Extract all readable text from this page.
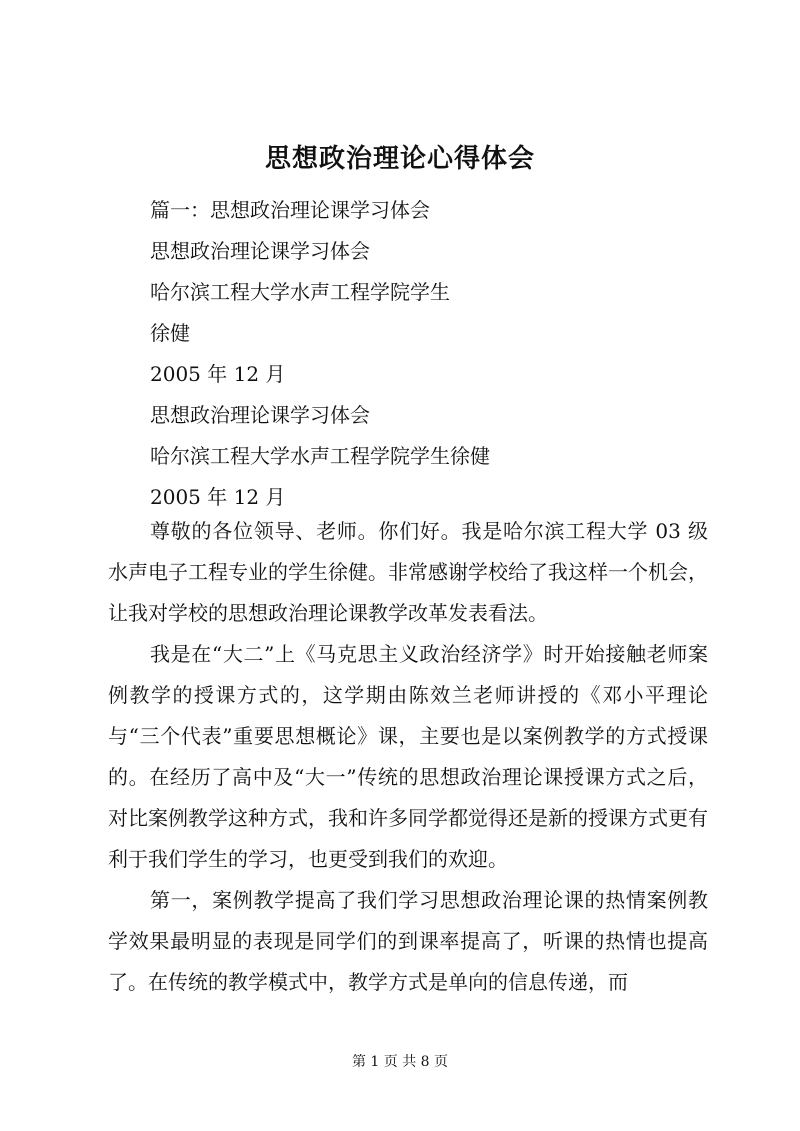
思想政治理论心得体会
篇一：思想政治理论课学习体会
思想政治理论课学习体会
哈尔滨工程大学水声工程学院学生
徐健
2005 年 12 月
思想政治理论课学习体会
哈尔滨工程大学水声工程学院学生徐健
2005 年 12 月

尊敬的各位领导、老师。你们好。我是哈尔滨工程大学 03 级水声电子工程专业的学生徐健。非常感谢学校给了我这样一个机会，让我对学校的思想政治理论课教学改革发表看法。

我是在“大二”上《马克思主义政治经济学》时开始接触老师案例教学的授课方式的，这学期由陈效兰老师讲授的《邓小平理论与“三个代表”重要思想概论》课，主要也是以案例教学的方式授课的。在经历了高中及“大一”传统的思想政治理论课授课方式之后，对比案例教学这种方式，我和许多同学都觉得还是新的授课方式更有利于我们学生的学习，也更受到我们的欢迎。

第一，案例教学提高了我们学习思想政治理论课的热情案例教学效果最明显的表现是同学们的到课率提高了，听课的热情也提高了。在传统的教学模式中，教学方式是单向的信息传递，而

第 1 页 共 8 页
